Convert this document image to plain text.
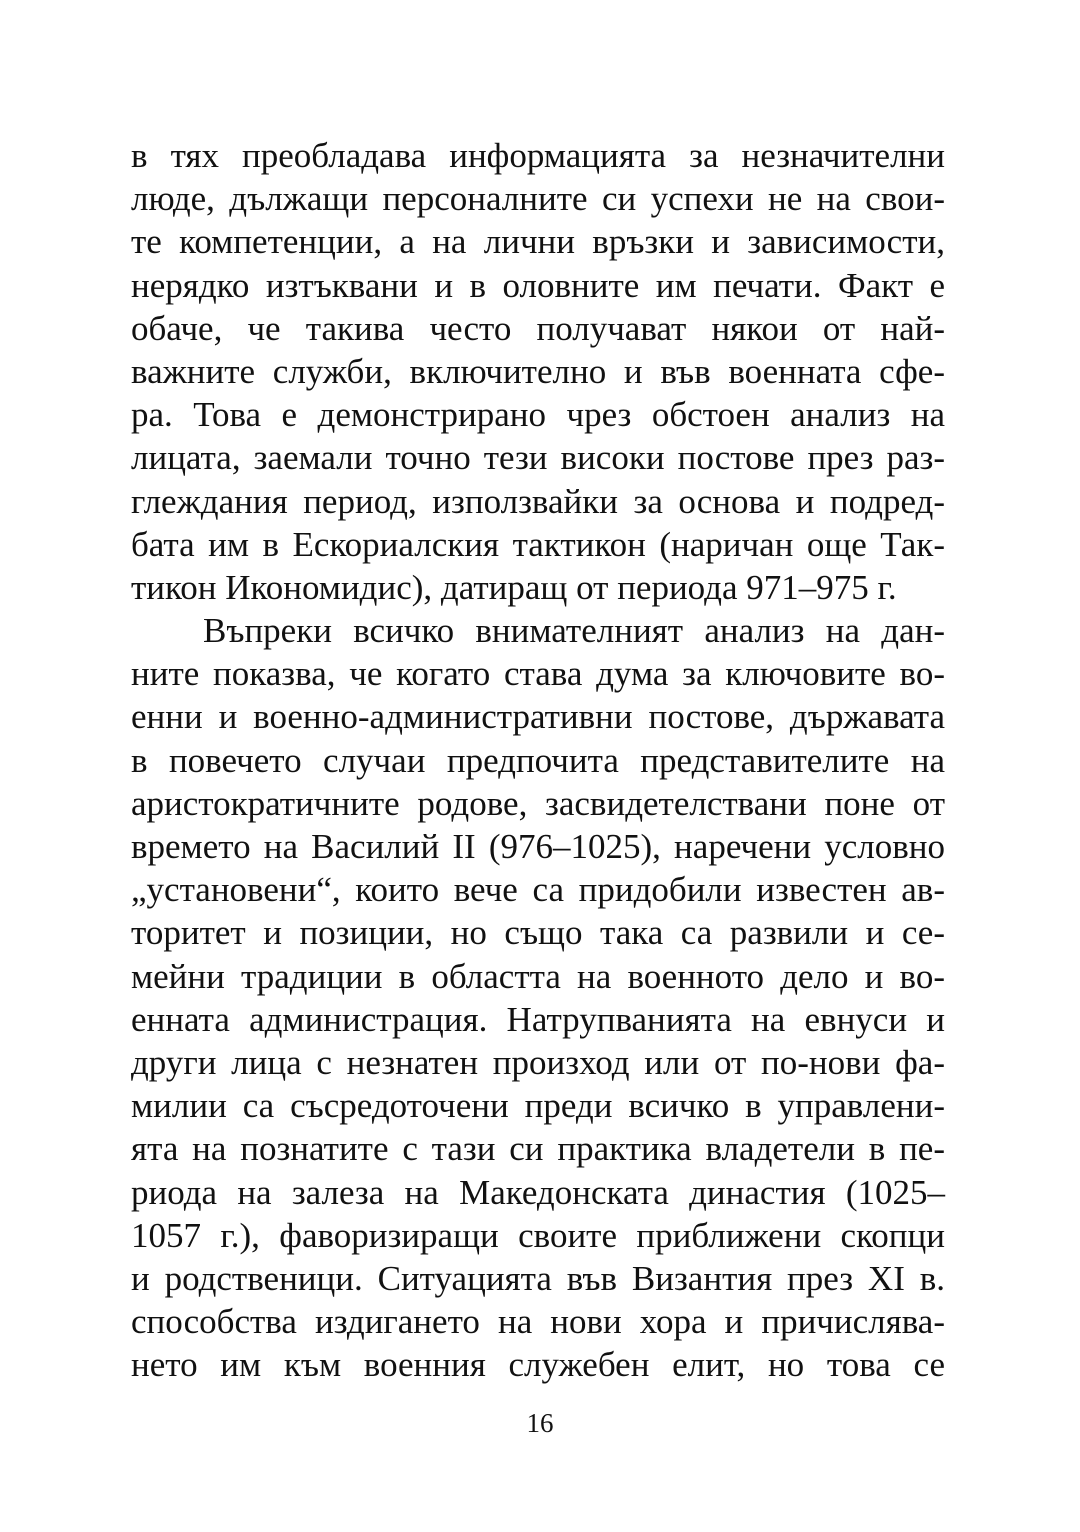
в тях преобладава информацията за незначителни
люде, дължащи персоналните си успехи не на свои-
те компетенции, а на лични връзки и зависимости,
нерядко изтъквани и в оловните им печати. Факт е
обаче, че такива често получават някои от най-
важните служби, включително и във военната сфе-
ра. Това е демонстрирано чрез обстоен анализ на
лицата, заемали точно тези високи постове през раз-
глеждания период, използвайки за основа и подред-
бата им в Ескориалския тактикон (наричан още Так-
тикон Икономидис), датиращ от периода 971–975 г.
Въпреки всичко внимателният анализ на дан-
ните показва, че когато става дума за ключовите во-
енни и военно-административни постове, държавата
в повечето случаи предпочита представителите на
аристократичните родове, засвидетелствани поне от
времето на Василий II (976–1025), наречени условно
„установени“, които вече са придобили известен ав-
торитет и позиции, но също така са развили и се-
мейни традиции в областта на военното дело и во-
енната администрация. Натрупванията на евнуси и
други лица с незнатен произход или от по-нови фа-
милии са съсредоточени преди всичко в управлени-
ята на познатите с тази си практика владетели в пе-
риода на залеза на Македонската династия (1025–
1057 г.), фаворизиращи своите приближени скопци
и родственици. Ситуацията във Византия през XI в.
способства издигането на нови хора и причислява-
нето им към военния служебен елит, но това се
16
